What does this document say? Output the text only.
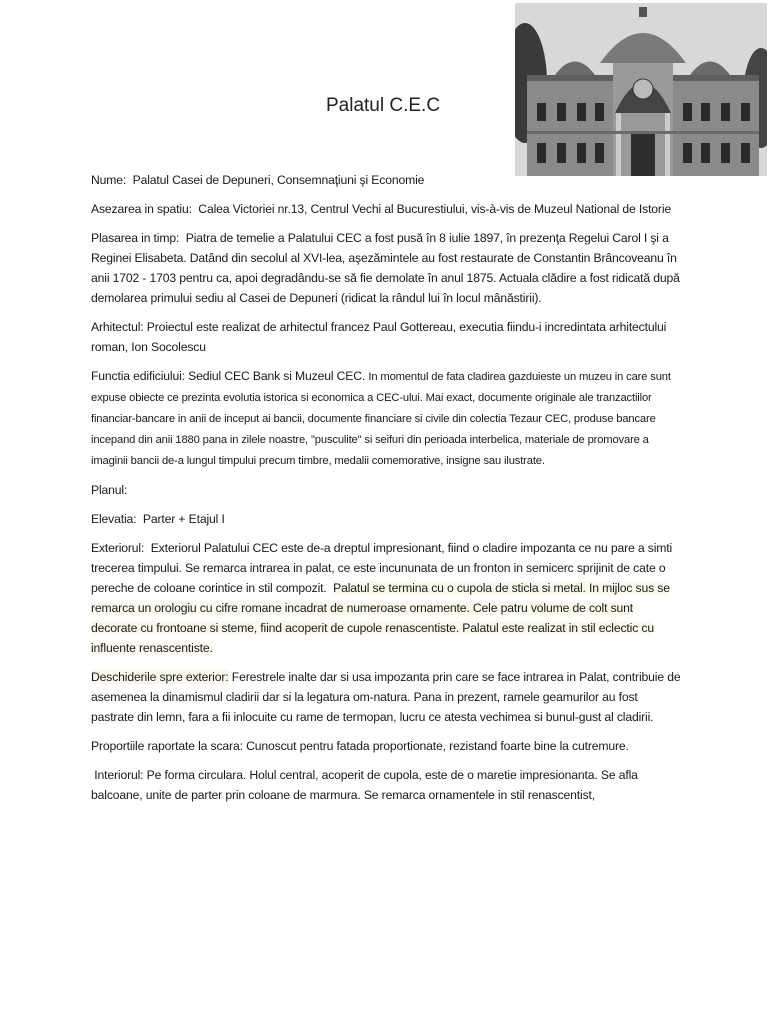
Palatul C.E.C

Nume: Palatul Casei de Depuneri, Consemnaţiuni şi Economie

Asezarea in spatiu: Calea Victoriei nr.13, Centrul Vechi al Bucurestiului, vis-à-vis de Muzeul National de Istorie

Plasarea in timp: Piatra de temelie a Palatului CEC a fost pusă în 8 iulie 1897, în prezenţa Regelui Carol I şi a Reginei Elisabeta. Datând din secolul al XVI-lea, aşezămintele au fost restaurate de Constantin Brâncoveanu în anii 1702 - 1703 pentru ca, apoi degradându-se să fie demolate în anul 1875. Actuala clădire a fost ridicată după demolarea primului sediu al Casei de Depuneri (ridicat la rândul lui în locul mânăstirii).

Arhitectul: Proiectul este realizat de arhitectul francez Paul Gottereau, executia fiindu-i incredintata arhitectului roman, Ion Socolescu

Functia edificiului: Sediul CEC Bank si Muzeul CEC. In momentul de fata cladirea gazduieste un muzeu in care sunt expuse obiecte ce prezinta evolutia istorica si economica a CEC-ului. Mai exact, documente originale ale tranzactiilor financiar-bancare in anii de inceput ai bancii, documente financiare si civile din colectia Tezaur CEC, produse bancare incepand din anii 1880 pana in zilele noastre, "pusculite" si seifuri din perioada interbelica, materiale de promovare a imaginii bancii de-a lungul timpului precum timbre, medalii comemorative, insigne sau ilustrate.

Planul:

Elevatia: Parter + Etajul I

Exteriorul: Exteriorul Palatului CEC este de-a dreptul impresionant, fiind o cladire impozanta ce nu pare a simti trecerea timpului. Se remarca intrarea in palat, ce este incununata de un fronton in semicerc sprijinit de cate o pereche de coloane corintice in stil compozit. Palatul se termina cu o cupola de sticla si metal. In mijloc sus se remarca un orologiu cu cifre romane incadrat de numeroase ornamente. Cele patru volume de colt sunt decorate cu frontoane si steme, fiind acoperit de cupole renascentiste. Palatul este realizat in stil eclectic cu influente renascentiste.

Deschiderile spre exterior: Ferestrele inalte dar si usa impozanta prin care se face intrarea in Palat, contribuie de asemenea la dinamismul cladirii dar si la legatura om-natura. Pana in prezent, ramele geamurilor au fost pastrate din lemn, fara a fii inlocuite cu rame de termopan, lucru ce atesta vechimea si bunul-gust al cladirii.

Proportiile raportate la scara: Cunoscut pentru fatada proportionate, rezistand foarte bine la cutremure.

Interiorul: Pe forma circulara. Holul central, acoperit de cupola, este de o maretie impresionanta. Se afla balcoane, unite de parter prin coloane de marmura. Se remarca ornamentele in stil renascentist,
